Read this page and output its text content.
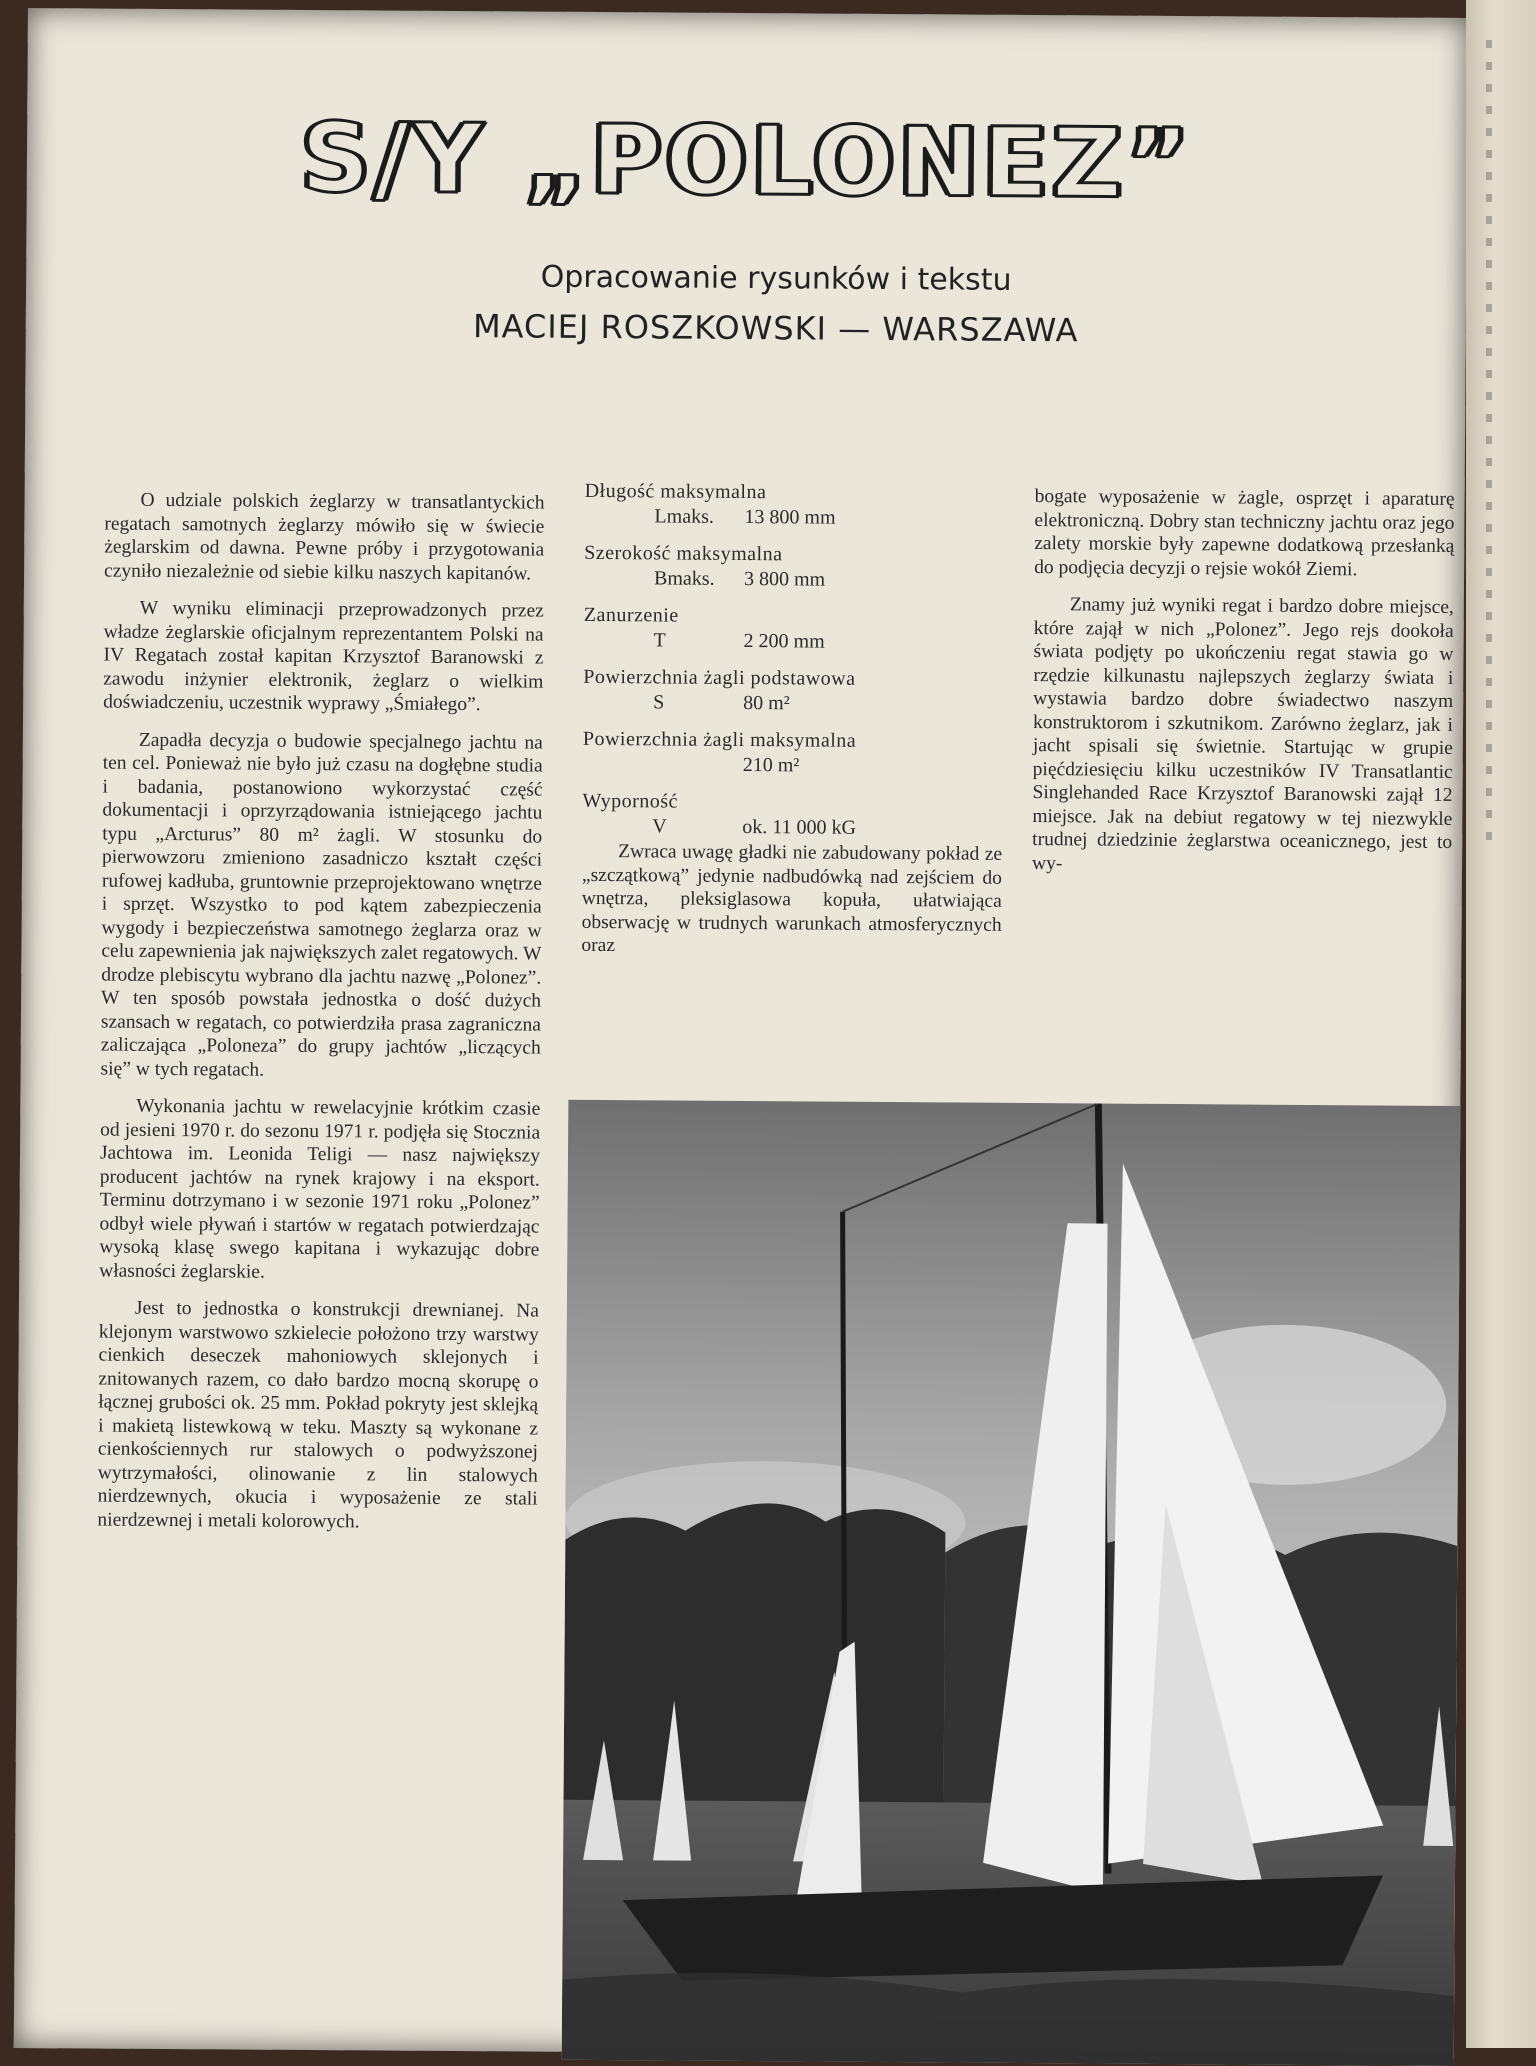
S/Y „POLONEZ”
Opracowanie rysunków i tekstu
MACIEJ ROSZKOWSKI — WARSZAWA

O udziale polskich żeglarzy w transatlantyckich regatach samotnych żeglarzy mówiło się w świecie żeglarskim od dawna. Pewne próby i przygotowania czyniło niezależnie od siebie kilku naszych kapitanów.

W wyniku eliminacji przeprowadzonych przez władze żeglarskie oficjalnym reprezentantem Polski na IV Regatach został kapitan Krzysztof Baranowski z zawodu inżynier elektronik, żeglarz o wielkim doświadczeniu, uczestnik wyprawy „Śmiałego”.

Zapadła decyzja o budowie specjalnego jachtu na ten cel. Ponieważ nie było już czasu na dogłębne studia i badania, postanowiono wykorzystać część dokumentacji i oprzyrządowania istniejącego jachtu typu „Arcturus” 80 m² żagli. W stosunku do pierwowzoru zmieniono zasadniczo kształt części rufowej kadłuba, gruntownie przeprojektowano wnętrze i sprzęt. Wszystko to pod kątem zabezpieczenia wygody i bezpieczeństwa samotnego żeglarza oraz w celu zapewnienia jak największych zalet regatowych. W drodze plebiscytu wybrano dla jachtu nazwę „Polonez”. W ten sposób powstała jednostka o dość dużych szansach w regatach, co potwierdziła prasa zagraniczna zaliczająca „Poloneza” do grupy jachtów „liczących się” w tych regatach.

Wykonania jachtu w rewelacyjnie krótkim czasie od jesieni 1970 r. do sezonu 1971 r. podjęła się Stocznia Jachtowa im. Leonida Teligi — nasz największy producent jachtów na rynek krajowy i na eksport. Terminu dotrzymano i w sezonie 1971 roku „Polonez” odbył wiele pływań i startów w regatach potwierdzając wysoką klasę swego kapitana i wykazując dobre własności żeglarskie.

Jest to jednostka o konstrukcji drewnianej. Na klejonym warstwowo szkielecie położono trzy warstwy cienkich deseczek mahoniowych sklejonych i znitowanych razem, co dało bardzo mocną skorupę o łącznej grubości ok. 25 mm. Pokład pokryty jest sklejką i makietą listewkową w teku. Maszty są wykonane z cienkościennych rur stalowych o podwyższonej wytrzymałości, olinowanie z lin stalowych nierdzewnych, okucia i wyposażenie ze stali nierdzewnej i metali kolorowych.

Długość maksymalna
Lmaks.	13 800 mm
Szerokość maksymalna
Bmaks.	3 800 mm
Zanurzenie
T	2 200 mm
Powierzchnia żagli podstawowa
S	80 m²
Powierzchnia żagli maksymalna
210 m²
Wyporność
V	ok. 11 000 kG

Zwraca uwagę gładki nie zabudowany pokład ze „szczątkową” jedynie nadbudówką nad zejściem do wnętrza, pleksiglasowa kopuła, ułatwiająca obserwację w trudnych warunkach atmosferycznych oraz

bogate wyposażenie w żagle, osprzęt i aparaturę elektroniczną. Dobry stan techniczny jachtu oraz jego zalety morskie były zapewne dodatkową przesłanką do podjęcia decyzji o rejsie wokół Ziemi.

Znamy już wyniki regat i bardzo dobre miejsce, które zajął w nich „Polonez”. Jego rejs dookoła świata podjęty po ukończeniu regat stawia go w rzędzie kilkunastu najlepszych żeglarzy świata i wystawia bardzo dobre świadectwo naszym konstruktorom i szkutnikom. Zarówno żeglarz, jak i jacht spisali się świetnie. Startując w grupie pięćdziesięciu kilku uczestników IV Transatlantic Singlehanded Race Krzysztof Baranowski zajął 12 miejsce. Jak na debiut regatowy w tej niezwykle trudnej dziedzinie żeglarstwa oceanicznego, jest to wy-
